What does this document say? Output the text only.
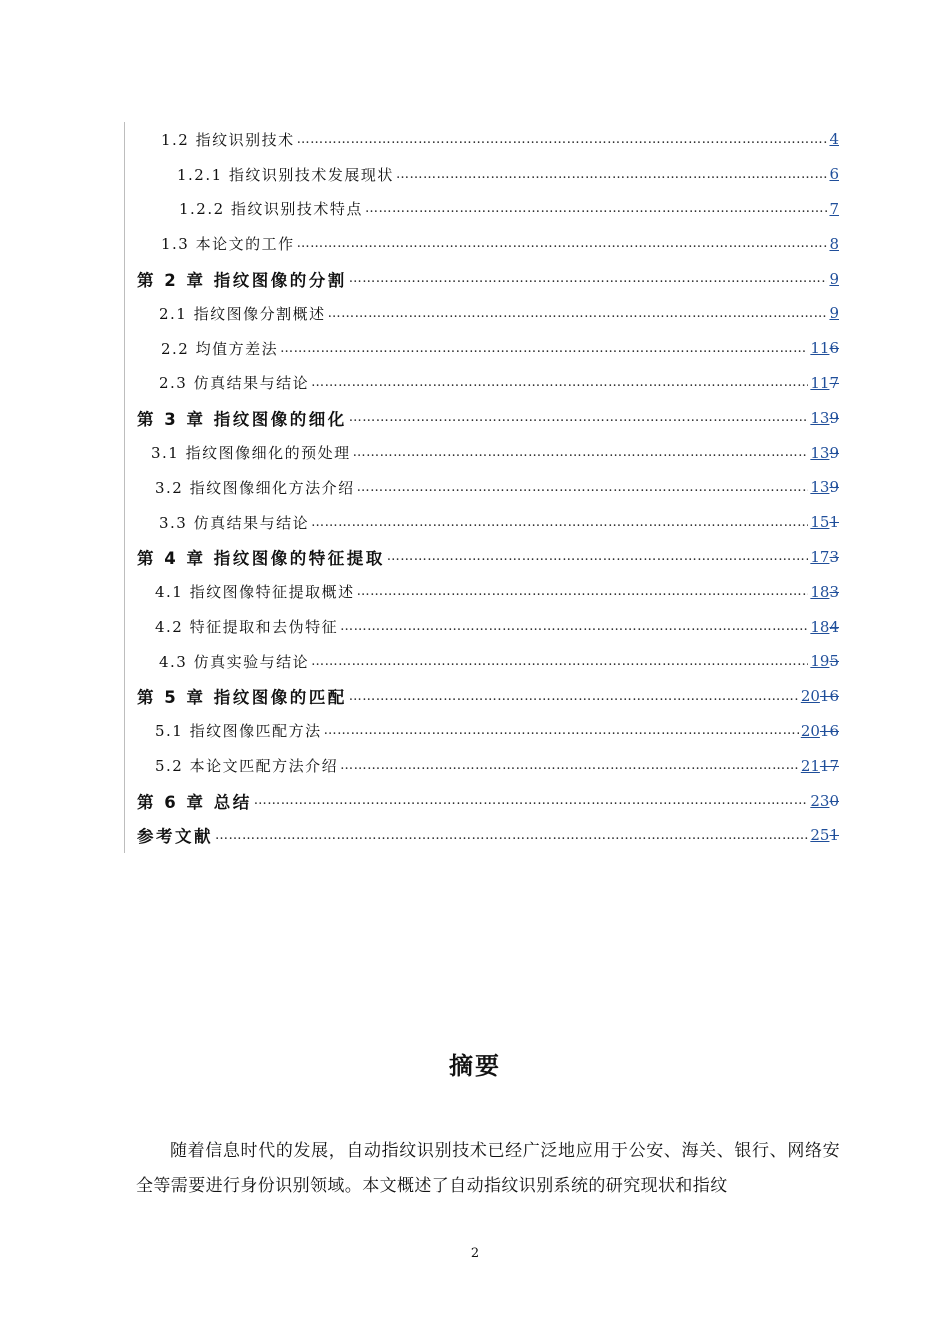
1.2 指纹识别技术 ……………………………………………………………………………………………………………………………………………………………………………………………………	4
1.2.1 指纹识别技术发展现状 ……………………………………………………………………………………………………………………………………………………………………………………………………	6
1.2.2 指纹识别技术特点 ……………………………………………………………………………………………………………………………………………………………………………………………………	7
1.3 本论文的工作 ……………………………………………………………………………………………………………………………………………………………………………………………………	8
第 2 章 指纹图像的分割 ……………………………………………………………………………………………………………………………………………………………………………………………………	9
2.1 指纹图像分割概述 ……………………………………………………………………………………………………………………………………………………………………………………………………	9
2.2 均值方差法 ……………………………………………………………………………………………………………………………………………………………………………………………………	116
2.3 仿真结果与结论 ……………………………………………………………………………………………………………………………………………………………………………………………………	117
第 3 章 指纹图像的细化 ……………………………………………………………………………………………………………………………………………………………………………………………………	139
3.1 指纹图像细化的预处理 ……………………………………………………………………………………………………………………………………………………………………………………………………	139
3.2 指纹图像细化方法介绍 ……………………………………………………………………………………………………………………………………………………………………………………………………	139
3.3 仿真结果与结论 ……………………………………………………………………………………………………………………………………………………………………………………………………	151
第 4 章 指纹图像的特征提取 ……………………………………………………………………………………………………………………………………………………………………………………………………	173
4.1 指纹图像特征提取概述 ……………………………………………………………………………………………………………………………………………………………………………………………………	183
4.2 特征提取和去伪特征 ……………………………………………………………………………………………………………………………………………………………………………………………………	184
4.3 仿真实验与结论 ……………………………………………………………………………………………………………………………………………………………………………………………………	195
第 5 章 指纹图像的匹配 ……………………………………………………………………………………………………………………………………………………………………………………………………	2016
5.1 指纹图像匹配方法 ……………………………………………………………………………………………………………………………………………………………………………………………………	2016
5.2 本论文匹配方法介绍 ……………………………………………………………………………………………………………………………………………………………………………………………………	2117
第 6 章 总结 ……………………………………………………………………………………………………………………………………………………………………………………………………	230
参考文献 ……………………………………………………………………………………………………………………………………………………………………………………………………	251
摘要
随着信息时代的发展，自动指纹识别技术已经广泛地应用于公安、海关、银行、网络安全等需要进行身份识别领域。本文概述了自动指纹识别系统的研究现状和指纹
2
